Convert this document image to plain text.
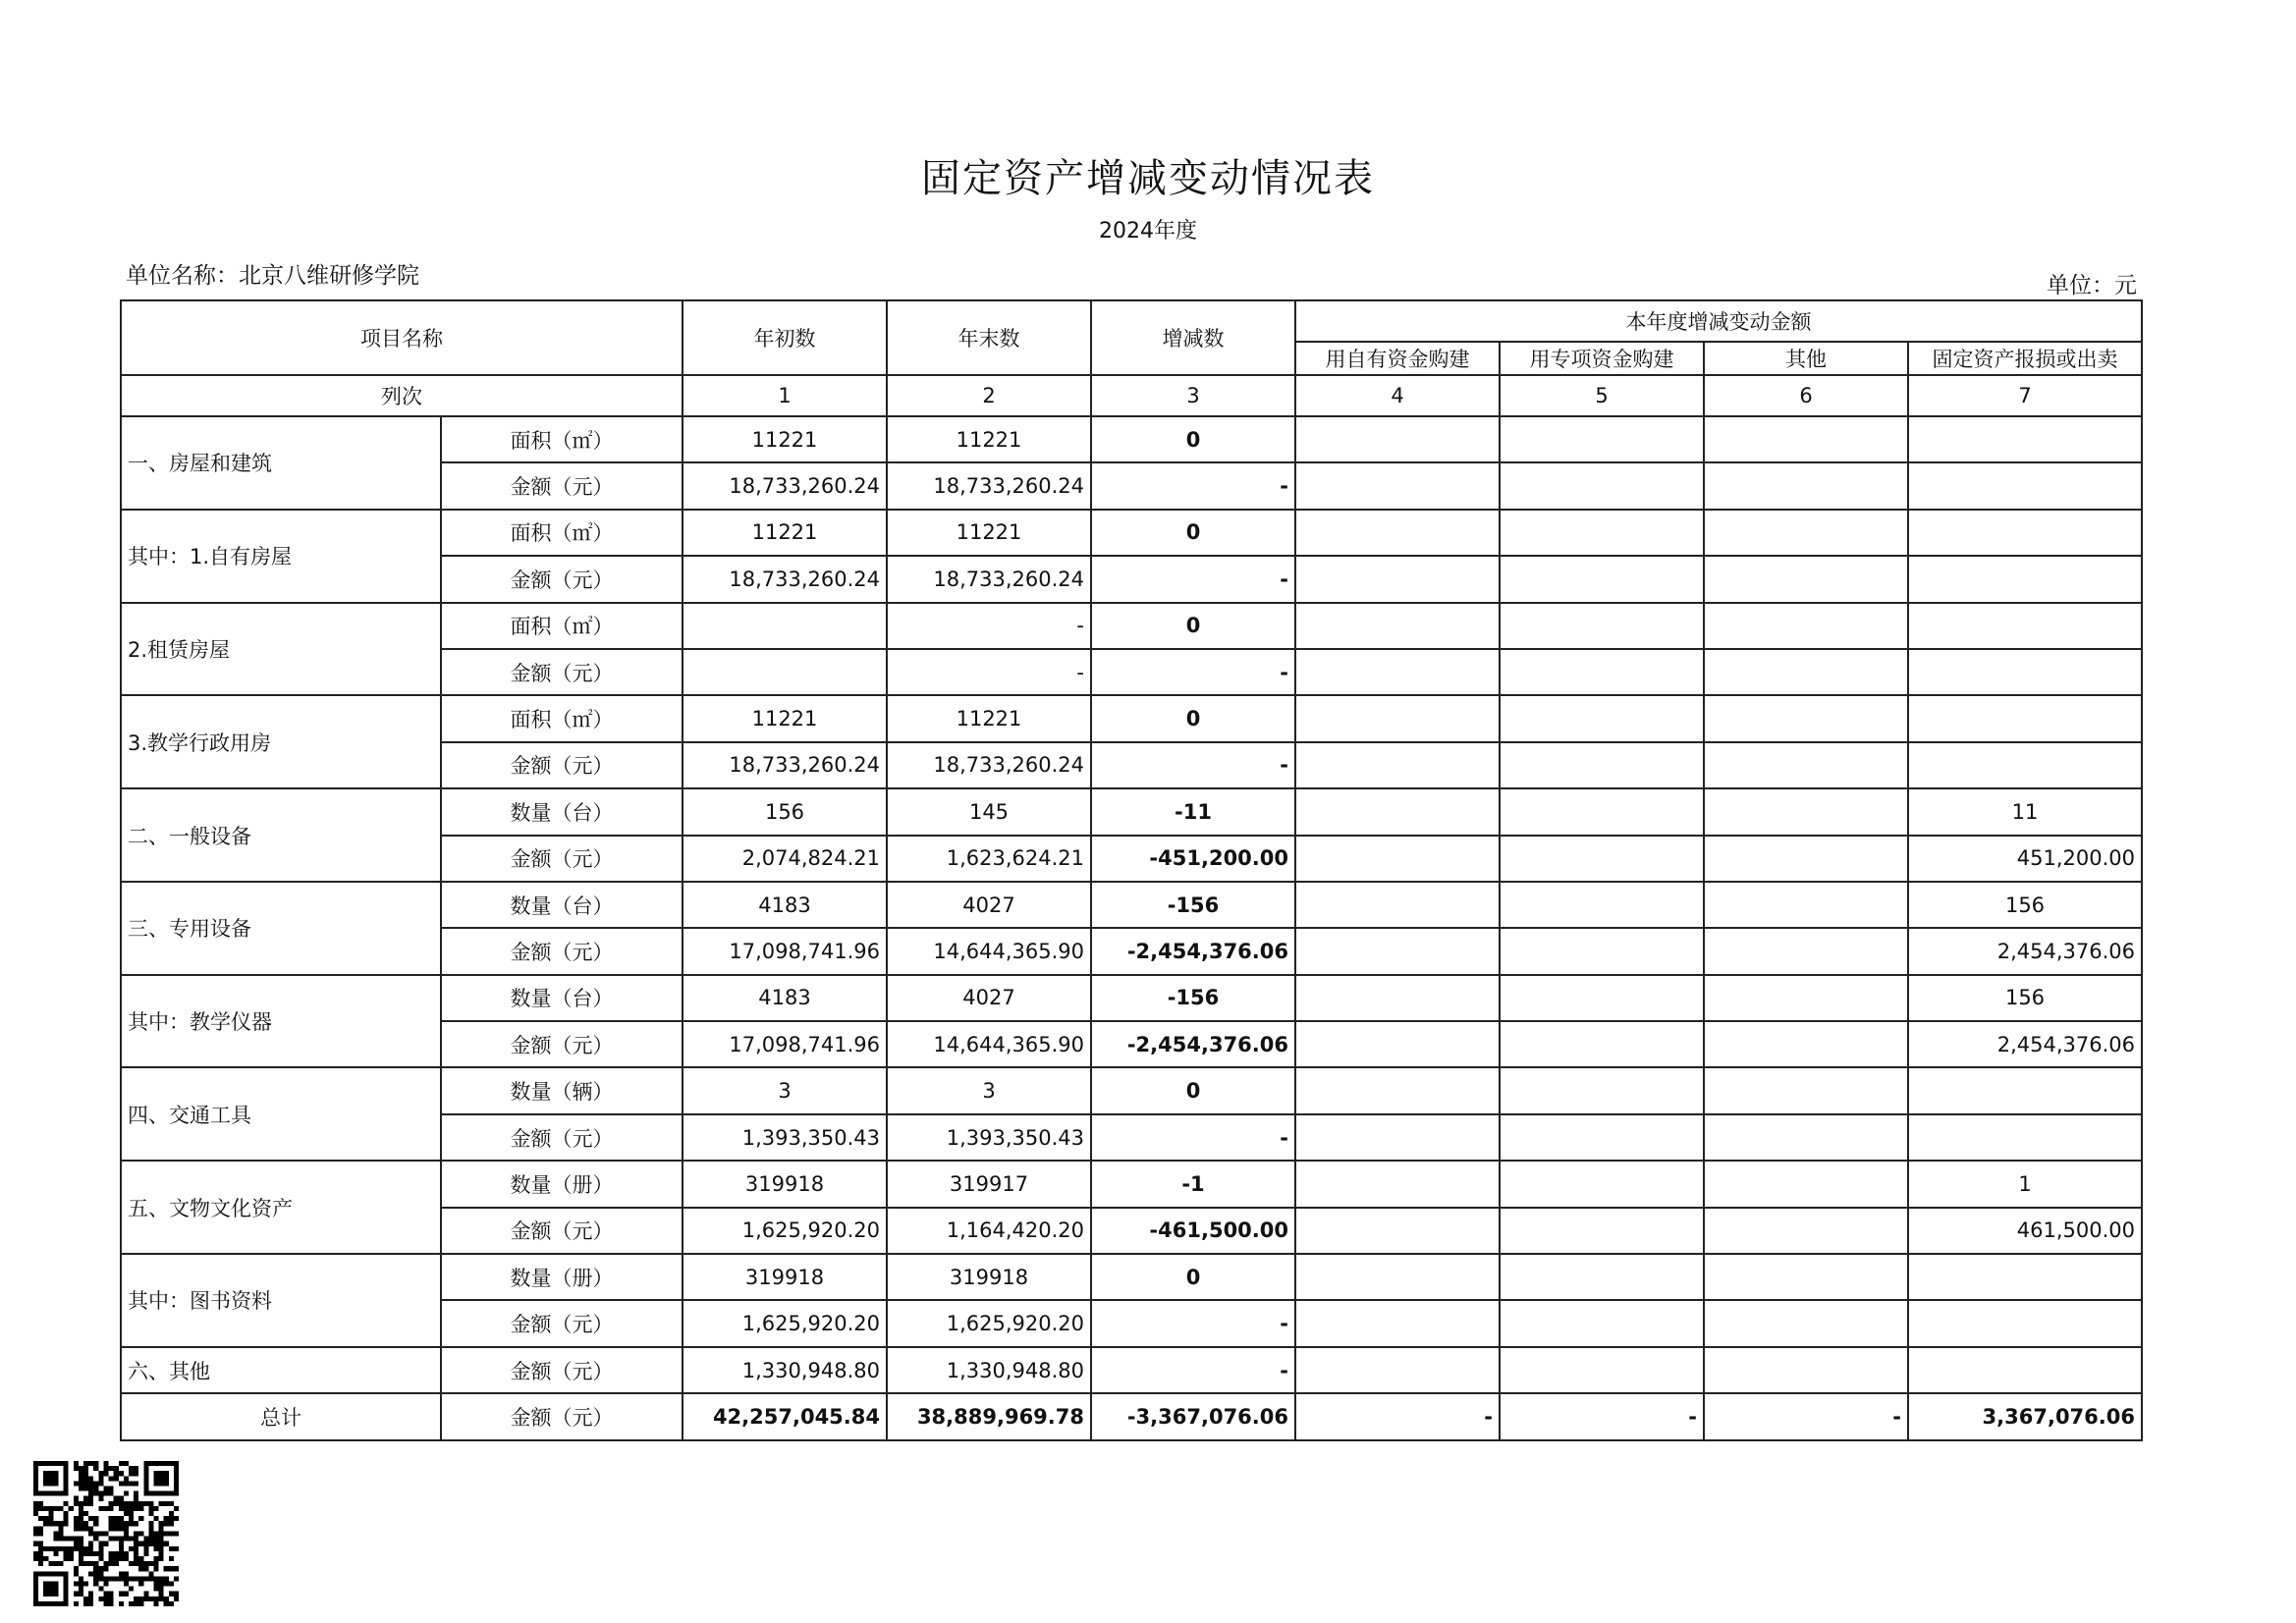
固定资产增减变动情况表
2024年度
单位名称：北京八维研修学院	单位：元
项目名称		年初数	年末数	增减数	本年度增减变动金额			
					用自有资金购建	用专项资金购建	其他	固定资产报损或出卖
列次		1	2	3	4	5	6	7
一、房屋和建筑	面积（㎡）	11221	11221	0				
	金额（元）	18,733,260.24	18,733,260.24	-				
其中：1.自有房屋	面积（㎡）	11221	11221	0				
	金额（元）	18,733,260.24	18,733,260.24	-				
2.租赁房屋	面积（㎡）		-	0				
	金额（元）		-	-				
3.教学行政用房	面积（㎡）	11221	11221	0				
	金额（元）	18,733,260.24	18,733,260.24	-				
二、一般设备	数量（台）	156	145	-11				11
	金额（元）	2,074,824.21	1,623,624.21	-451,200.00				451,200.00
三、专用设备	数量（台）	4183	4027	-156				156
	金额（元）	17,098,741.96	14,644,365.90	-2,454,376.06				2,454,376.06
其中：教学仪器	数量（台）	4183	4027	-156				156
	金额（元）	17,098,741.96	14,644,365.90	-2,454,376.06				2,454,376.06
四、交通工具	数量（辆）	3	3	0				
	金额（元）	1,393,350.43	1,393,350.43	-				
五、文物文化资产	数量（册）	319918	319917	-1				1
	金额（元）	1,625,920.20	1,164,420.20	-461,500.00				461,500.00
其中：图书资料	数量（册）	319918	319918	0				
	金额（元）	1,625,920.20	1,625,920.20	-				
六、其他	金额（元）	1,330,948.80	1,330,948.80	-				
总计	金额（元）	42,257,045.84	38,889,969.78	-3,367,076.06	-	-	-	3,367,076.06
